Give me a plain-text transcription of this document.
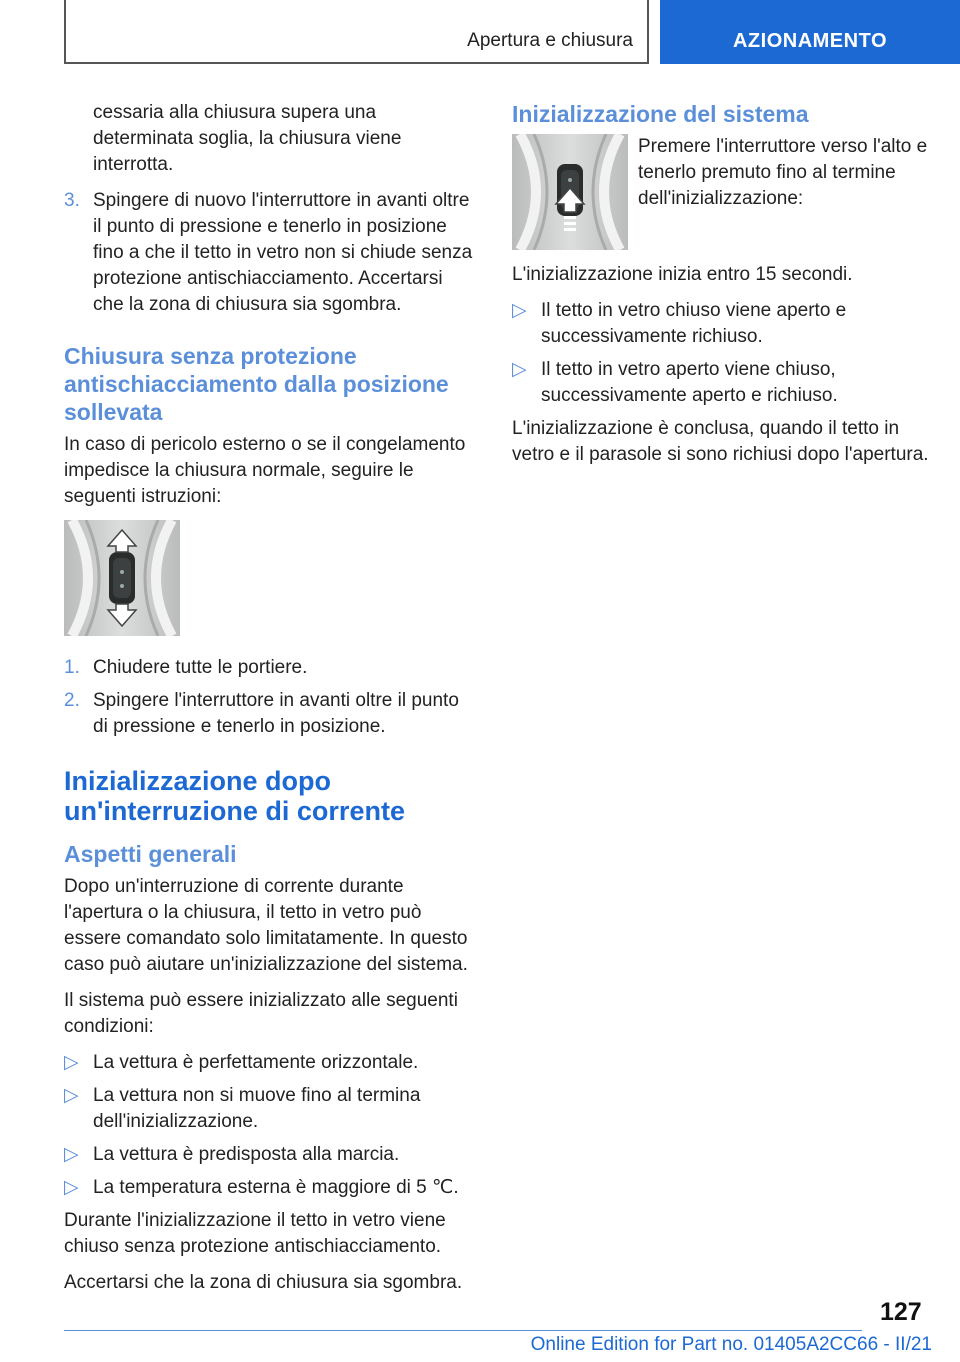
Apertura e chiusura	AZIONAMENTO

cessaria alla chiusura supera una determinata soglia, la chiusura viene interrotta.

3. Spingere di nuovo l'interruttore in avanti oltre il punto di pressione e tenerlo in posizione fino a che il tetto in vetro non si chiude senza protezione antischiacciamento. Accertarsi che la zona di chiusura sia sgombra.
Chiusura senza protezione antischiacciamento dalla posizione sollevata

In caso di pericolo esterno o se il congelamento impedisce la chiusura normale, seguire le seguenti istruzioni:

1. Chiudere tutte le portiere.
2. Spingere l'interruttore in avanti oltre il punto di pressione e tenerlo in posizione.
Inizializzazione dopo un'interruzione di corrente
Aspetti generali

Dopo un'interruzione di corrente durante l'apertura o la chiusura, il tetto in vetro può essere comandato solo limitatamente. In questo caso può aiutare un'inizializzazione del sistema.

Il sistema può essere inizializzato alle seguenti condizioni:

▷ La vettura è perfettamente orizzontale.
▷ La vettura non si muove fino al termina dell'inizializzazione.
▷ La vettura è predisposta alla marcia.
▷ La temperatura esterna è maggiore di 5 ℃.

Durante l'inizializzazione il tetto in vetro viene chiuso senza protezione antischiacciamento.

Accertarsi che la zona di chiusura sia sgombra.

Inizializzazione del sistema
Premere l'interruttore verso l'alto e tenerlo premuto fino al termine dell'inizializzazione:

L'inizializzazione inizia entro 15 secondi.

▷ Il tetto in vetro chiuso viene aperto e successivamente richiuso.
▷ Il tetto in vetro aperto viene chiuso, successivamente aperto e richiuso.

L'inizializzazione è conclusa, quando il tetto in vetro e il parasole si sono richiusi dopo l'apertura.

127
Online Edition for Part no. 01405A2CC66 - II/21
